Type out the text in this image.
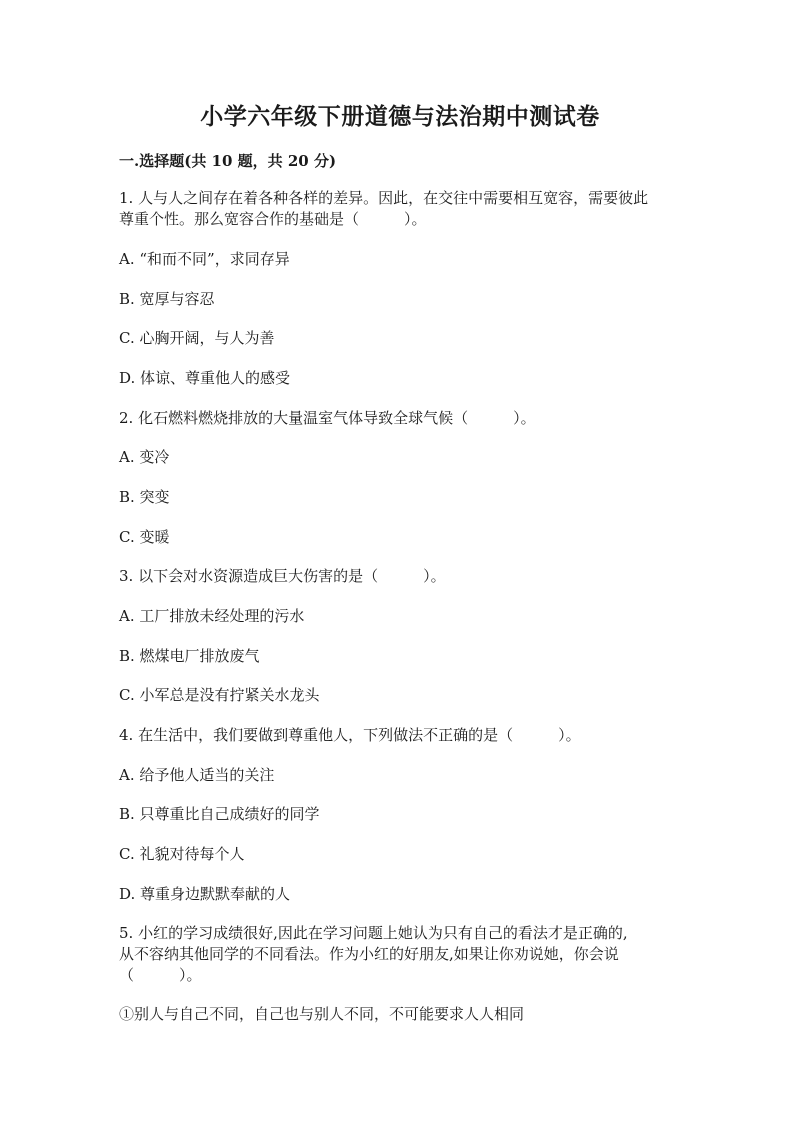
小学六年级下册道德与法治期中测试卷
一.选择题(共 10 题，共 20 分)
1. 人与人之间存在着各种各样的差异。因此，在交往中需要相互宽容，需要彼此
尊重个性。那么宽容合作的基础是（　　　）。
A. “和而不同”，求同存异
B. 宽厚与容忍
C. 心胸开阔，与人为善
D. 体谅、尊重他人的感受
2. 化石燃料燃烧排放的大量温室气体导致全球气候（　　　）。
A. 变冷
B. 突变
C. 变暖
3. 以下会对水资源造成巨大伤害的是（　　　）。
A. 工厂排放未经处理的污水
B. 燃煤电厂排放废气
C. 小军总是没有拧紧关水龙头
4. 在生活中，我们要做到尊重他人，下列做法不正确的是（　　　）。
A. 给予他人适当的关注
B. 只尊重比自己成绩好的同学
C. 礼貌对待每个人
D. 尊重身边默默奉献的人
5. 小红的学习成绩很好,因此在学习问题上她认为只有自己的看法才是正确的,
从不容纳其他同学的不同看法。作为小红的好朋友,如果让你劝说她，你会说
（　　　）。
①别人与自己不同，自己也与别人不同，不可能要求人人相同
